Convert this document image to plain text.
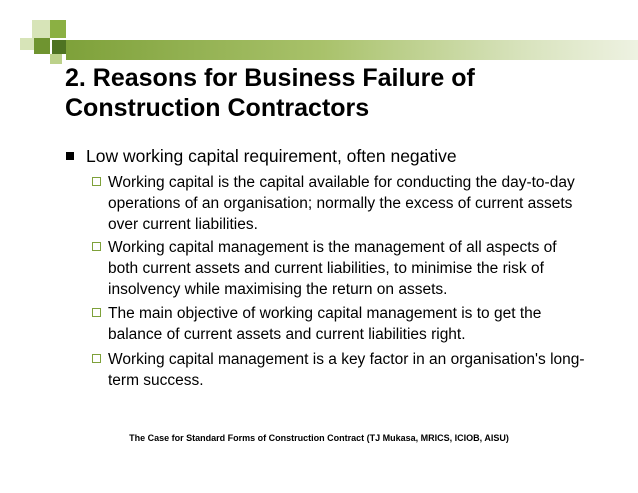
2. Reasons for Business Failure of Construction Contractors
Low working capital requirement, often negative
Working capital is the capital available for conducting the day-to-day operations of an organisation; normally the excess of current assets over current liabilities.
Working capital management is the management of all aspects of both current assets and current liabilities, to minimise the risk of insolvency while maximising the return on assets.
The main objective of working capital management is to get the balance of current assets and current liabilities right.
Working capital management is a key factor in an organisation's long-term success.
The Case for Standard Forms of Construction Contract (TJ Mukasa, MRICS, ICIOB, AISU)
